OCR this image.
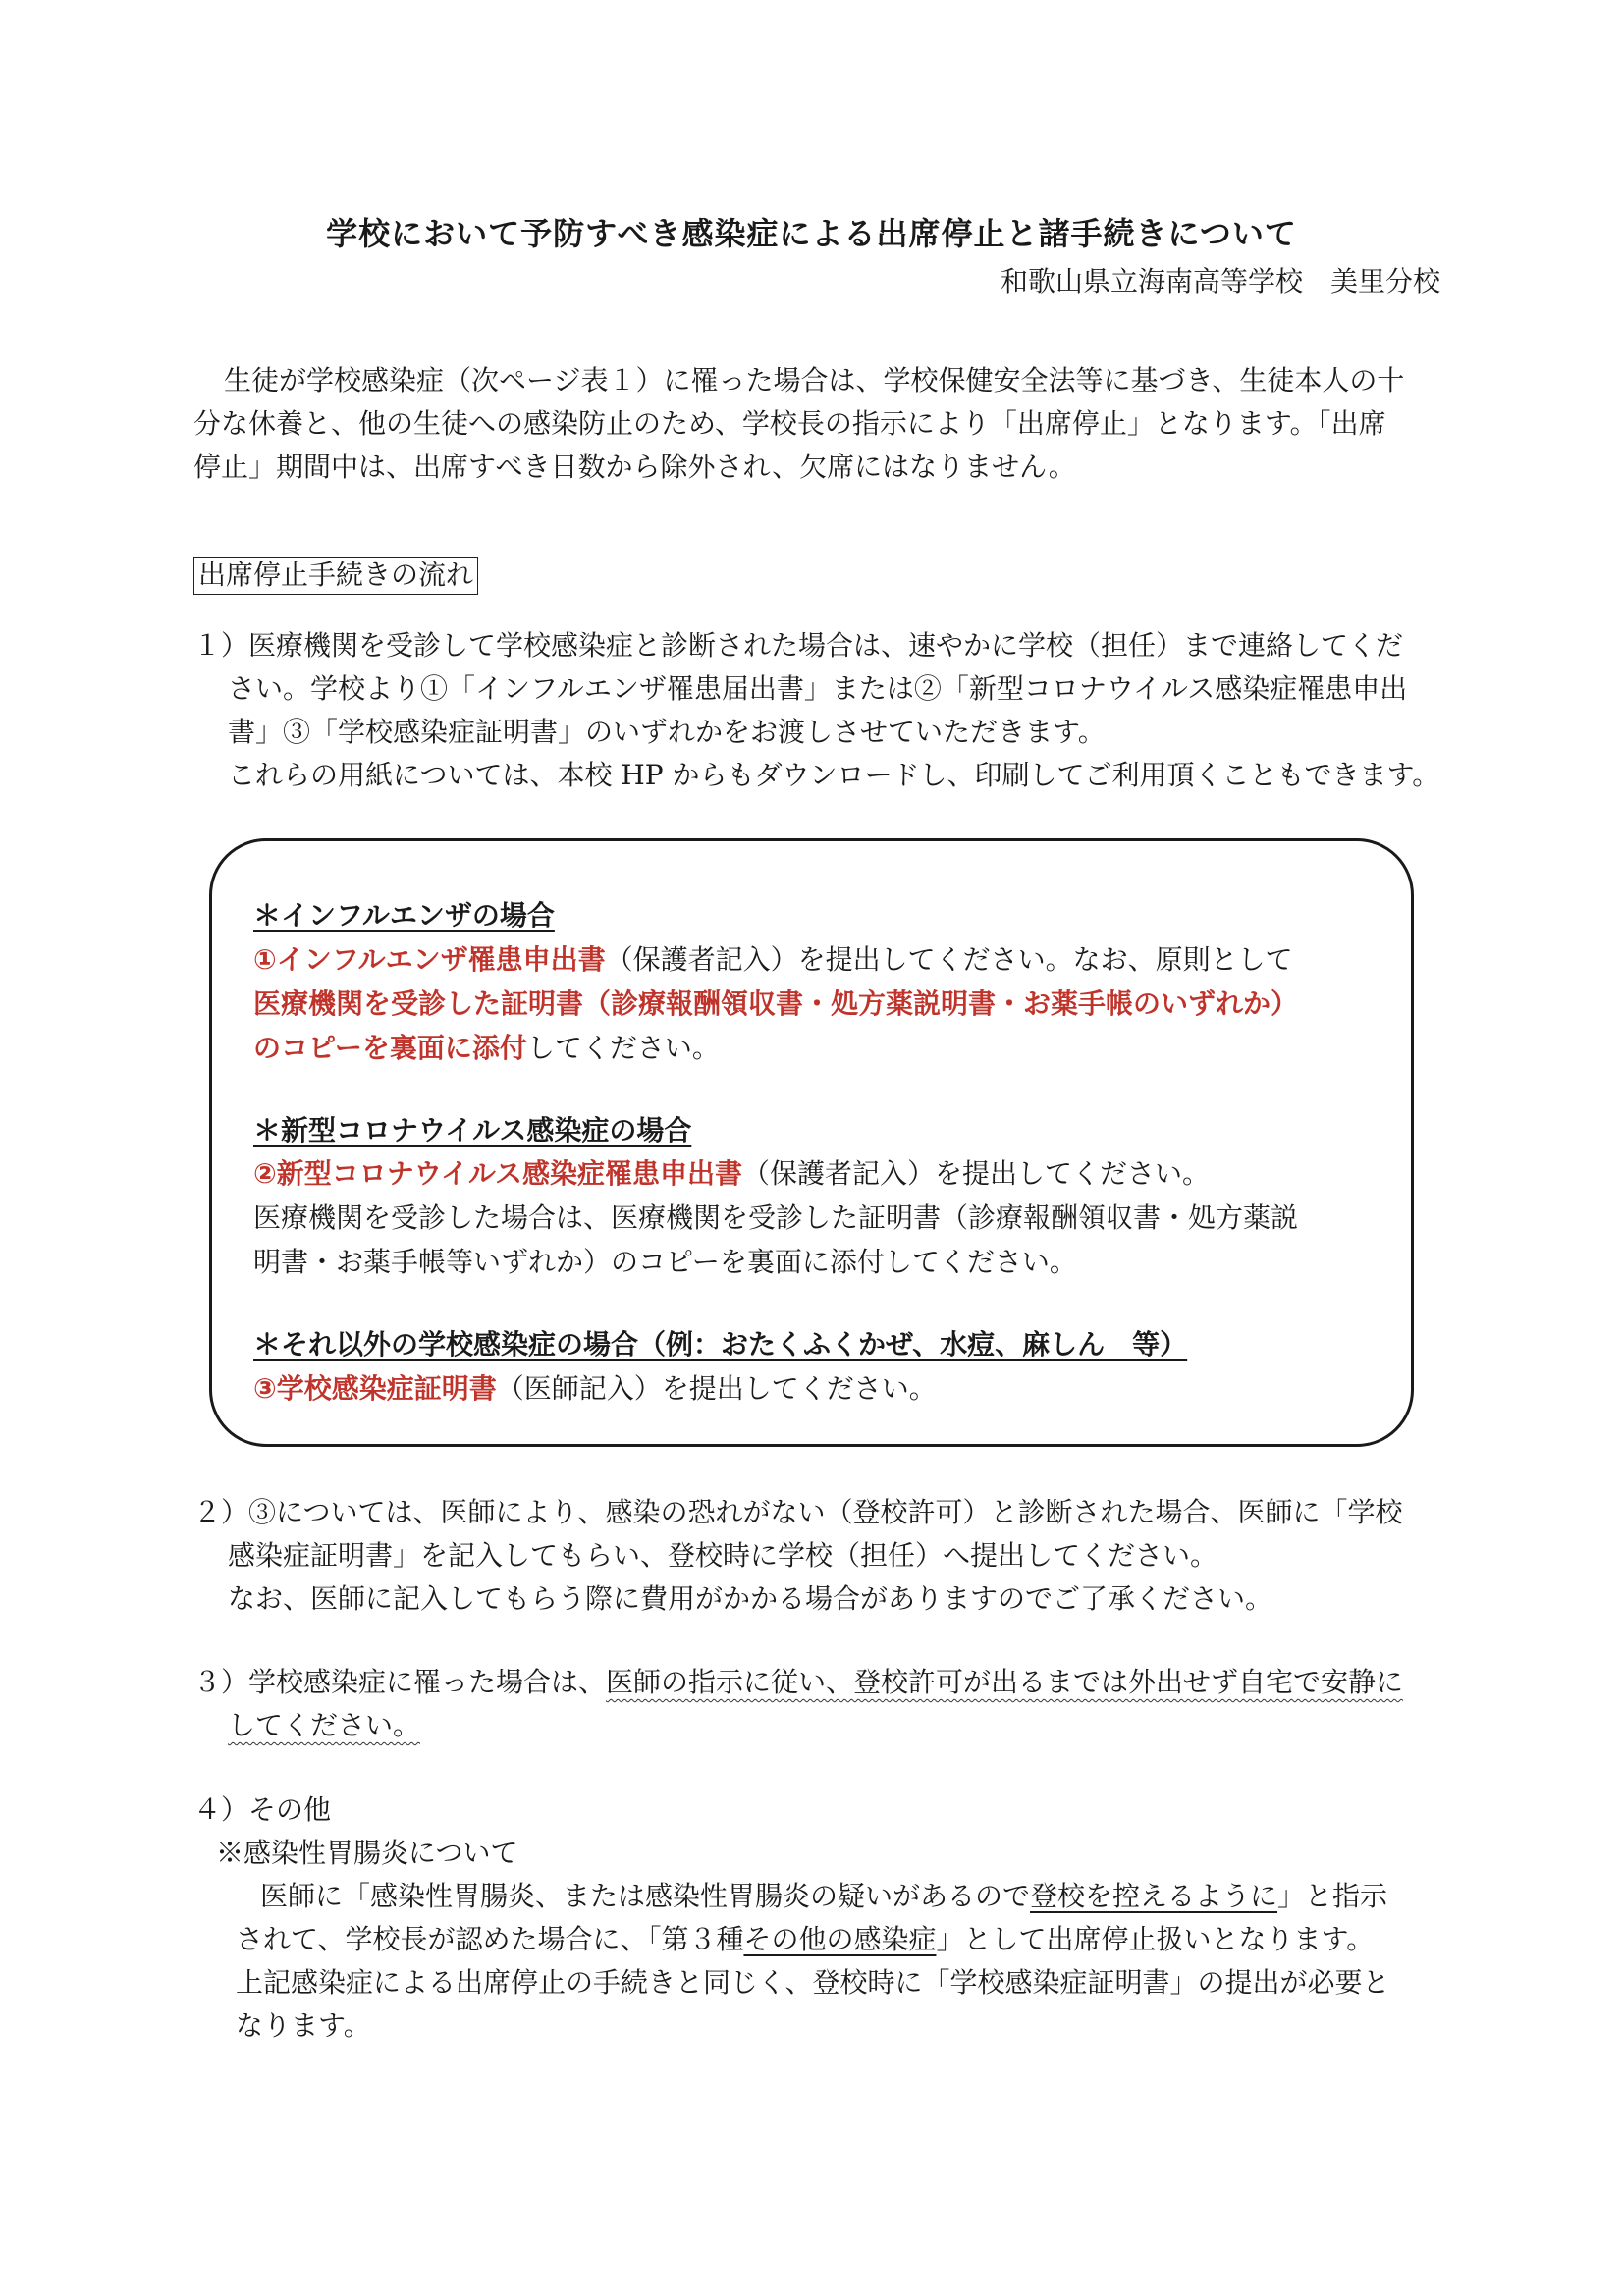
学校において予防すべき感染症による出席停止と諸手続きについて
和歌山県立海南高等学校　美里分校
生徒が学校感染症（次ページ表１）に罹った場合は、学校保健安全法等に基づき、生徒本人の十
分な休養と、他の生徒への感染防止のため、学校長の指示により「出席停止」となります。「出席
停止」期間中は、出席すべき日数から除外され、欠席にはなりません。
出席停止手続きの流れ
１）医療機関を受診して学校感染症と診断された場合は、速やかに学校（担任）まで連絡してくだ
さい。学校より①「インフルエンザ罹患届出書」または②「新型コロナウイルス感染症罹患申出
書」③「学校感染症証明書」のいずれかをお渡しさせていただきます。
これらの用紙については、本校 HP からもダウンロードし、印刷してご利用頂くこともできます。
＊インフルエンザの場合
①インフルエンザ罹患申出書（保護者記入）を提出してください。なお、原則として
医療機関を受診した証明書（診療報酬領収書・処方薬説明書・お薬手帳のいずれか）
のコピーを裏面に添付してください。
＊新型コロナウイルス感染症の場合
②新型コロナウイルス感染症罹患申出書（保護者記入）を提出してください。
医療機関を受診した場合は、医療機関を受診した証明書（診療報酬領収書・処方薬説
明書・お薬手帳等いずれか）のコピーを裏面に添付してください。
＊それ以外の学校感染症の場合（例：おたくふくかぜ、水痘、麻しん　等）
③学校感染症証明書（医師記入）を提出してください。
２）③については、医師により、感染の恐れがない（登校許可）と診断された場合、医師に「学校
感染症証明書」を記入してもらい、登校時に学校（担任）へ提出してください。
なお、医師に記入してもらう際に費用がかかる場合がありますのでご了承ください。
３）学校感染症に罹った場合は、医師の指示に従い、登校許可が出るまでは外出せず自宅で安静に
してください。
４）その他
※感染性胃腸炎について
医師に「感染性胃腸炎、または感染性胃腸炎の疑いがあるので登校を控えるように」と指示
されて、学校長が認めた場合に、「第３種その他の感染症」として出席停止扱いとなります。
上記感染症による出席停止の手続きと同じく、登校時に「学校感染症証明書」の提出が必要と
なります。
